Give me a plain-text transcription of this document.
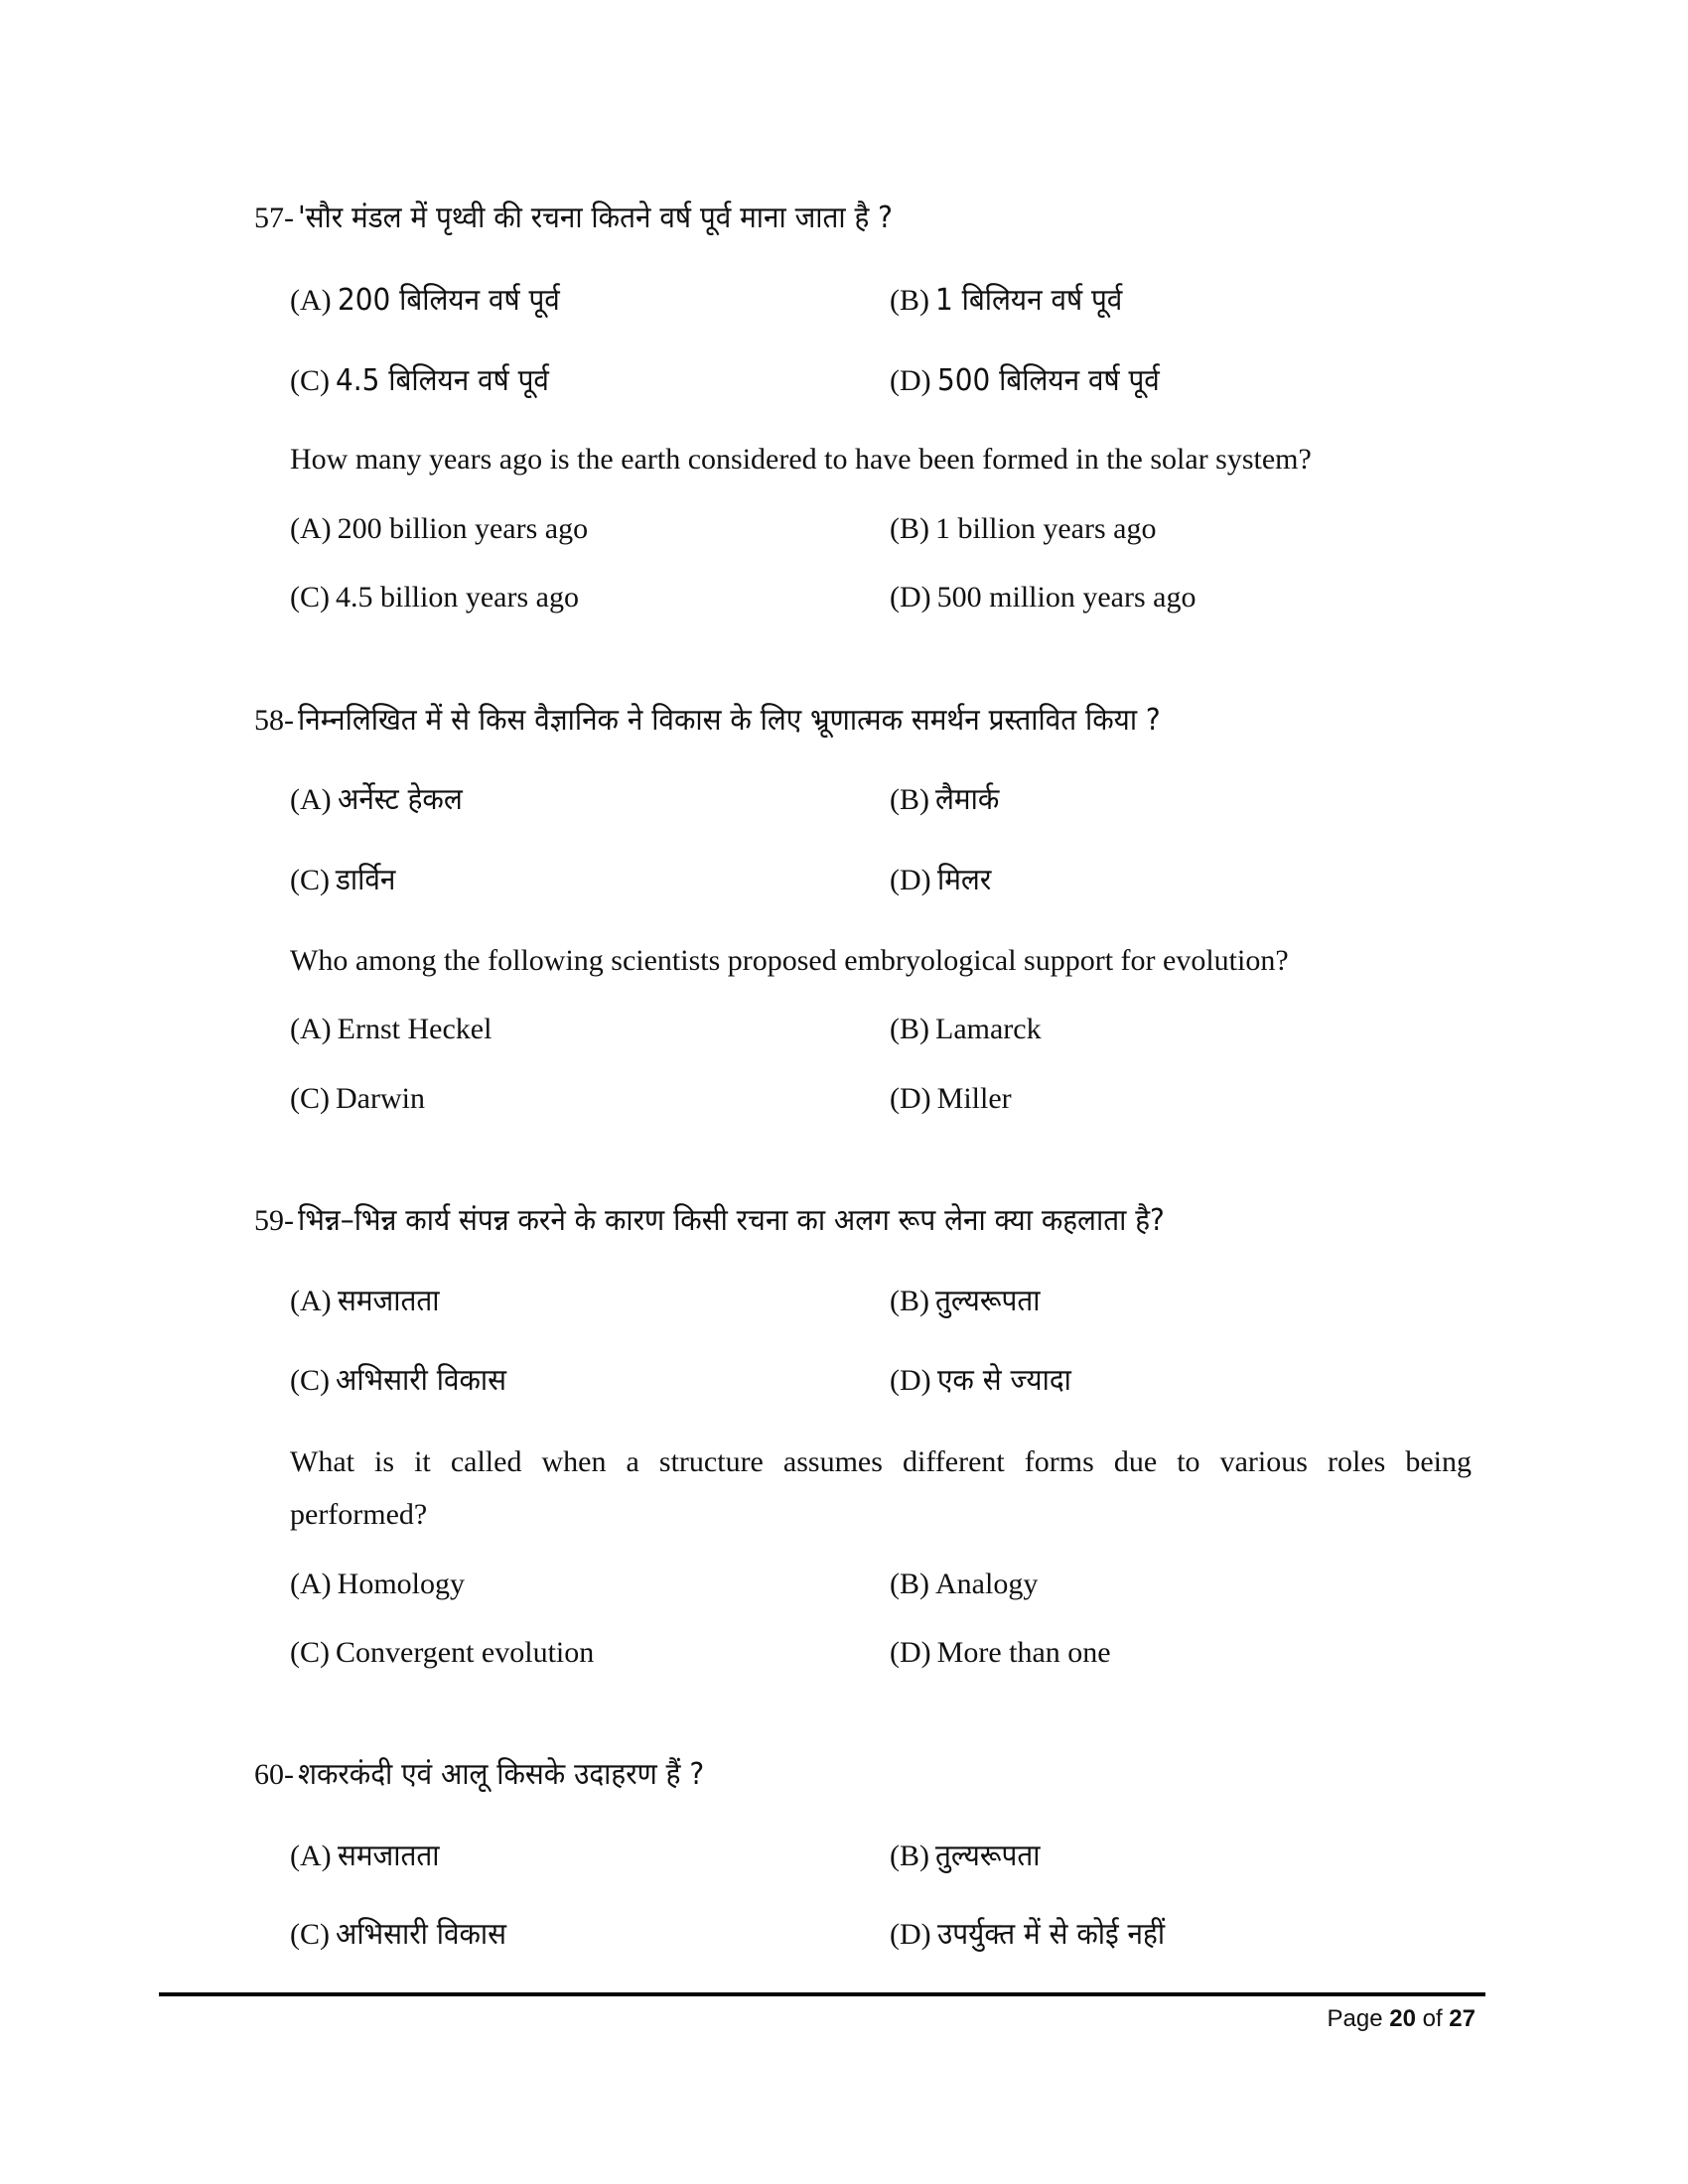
57- 'सौर मंडल में पृथ्वी की रचना कितने वर्ष पूर्व माना जाता है ?
(A) 200 बिलियन वर्ष पूर्व	(B) 1 बिलियन वर्ष पूर्व
(C) 4.5 बिलियन वर्ष पूर्व	(D) 500 बिलियन वर्ष पूर्व
How many years ago is the earth considered to have been formed in the solar system?
(A) 200 billion years ago	(B) 1 billion years ago
(C) 4.5 billion years ago	(D) 500 million years ago
58- निम्नलिखित में से किस वैज्ञानिक ने विकास के लिए भ्रूणात्मक समर्थन प्रस्तावित किया ?
(A) अर्नेस्ट हेकल	(B) लैमार्क
(C) डार्विन	(D) मिलर
Who among the following scientists proposed embryological support for evolution?
(A) Ernst Heckel	(B) Lamarck
(C) Darwin	(D) Miller
59- भिन्न–भिन्न कार्य संपन्न करने के कारण किसी रचना का अलग रूप लेना क्या कहलाता है?
(A) समजातता	(B) तुल्यरूपता
(C) अभिसारी विकास	(D) एक से ज्यादा
What is it called when a structure assumes different forms due to various roles being
performed?
(A) Homology	(B) Analogy
(C) Convergent evolution	(D) More than one
60- शकरकंदी एवं आलू किसके उदाहरण हैं ?
(A) समजातता	(B) तुल्यरूपता
(C) अभिसारी विकास	(D) उपर्युक्त में से कोई नहीं
Page 20 of 27
